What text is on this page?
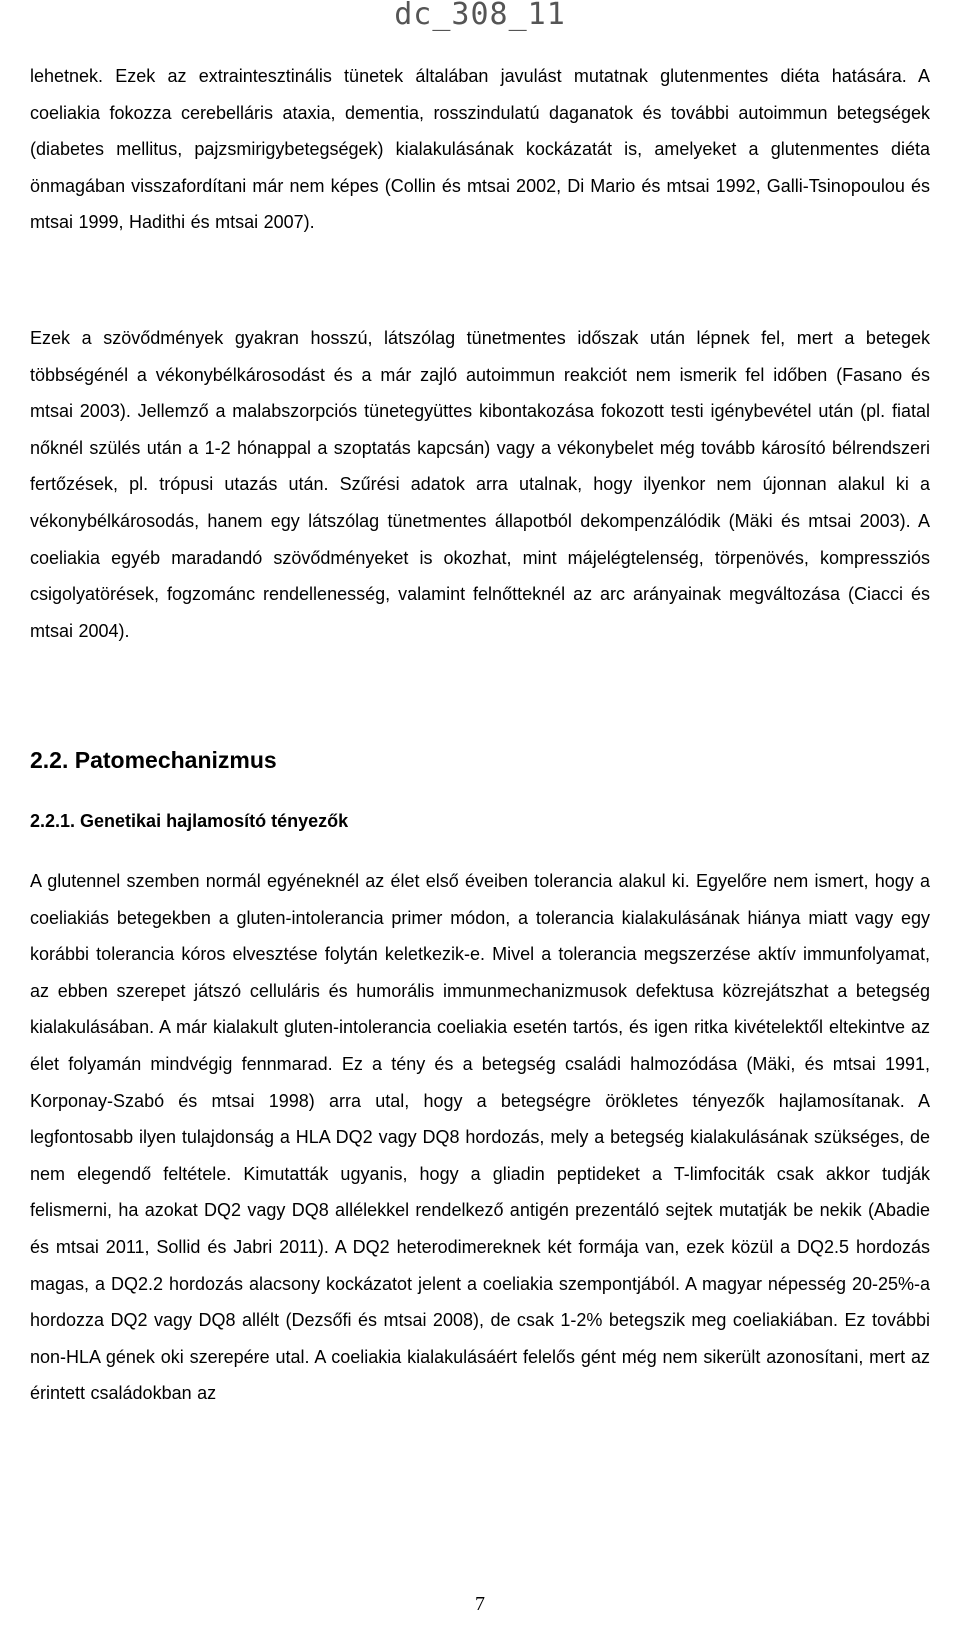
dc_308_11

lehetnek. Ezek az extraintesztinális tünetek általában javulást mutatnak glutenmentes diéta hatására. A coeliakia fokozza cerebelláris ataxia, dementia, rosszindulatú daganatok és további autoimmun betegségek (diabetes mellitus, pajzsmirigybetegségek) kialakulásának kockázatát is, amelyeket a glutenmentes diéta önmagában visszafordítani már nem képes (Collin és mtsai 2002, Di Mario és mtsai 1992, Galli-Tsinopoulou és mtsai 1999, Hadithi és mtsai 2007).

Ezek a szövődmények gyakran hosszú, látszólag tünetmentes időszak után lépnek fel, mert a betegek többségénél a vékonybélkárosodást és a már zajló autoimmun reakciót nem ismerik fel időben (Fasano és mtsai 2003). Jellemző a malabszorpciós tünetegyüttes kibontakozása fokozott testi igénybevétel után (pl. fiatal nőknél szülés után a 1-2 hónappal a szoptatás kapcsán) vagy a vékonybelet még tovább károsító bélrendszeri fertőzések, pl. trópusi utazás után. Szűrési adatok arra utalnak, hogy ilyenkor nem újonnan alakul ki a vékonybélkárosodás, hanem egy látszólag tünetmentes állapotból dekompenzálódik (Mäki és mtsai 2003). A coeliakia egyéb maradandó szövődményeket is okozhat, mint májelégtelenség, törpenövés, kompressziós csigolyatörések, fogzománc rendellenesség, valamint felnőtteknél az arc arányainak megváltozása (Ciacci és mtsai 2004).

2.2. Patomechanizmus
2.2.1. Genetikai hajlamosító tényezők

A glutennel szemben normál egyéneknél az élet első éveiben tolerancia alakul ki. Egyelőre nem ismert, hogy a coeliakiás betegekben a gluten-intolerancia primer módon, a tolerancia kialakulásának hiánya miatt vagy egy korábbi tolerancia kóros elvesztése folytán keletkezik-e. Mivel a tolerancia megszerzése aktív immunfolyamat, az ebben szerepet játszó celluláris és humorális immunmechanizmusok defektusa közrejátszhat a betegség kialakulásában. A már kialakult gluten-intolerancia coeliakia esetén tartós, és igen ritka kivételektől eltekintve az élet folyamán mindvégig fennmarad. Ez a tény és a betegség családi halmozódása (Mäki, és mtsai 1991, Korponay-Szabó és mtsai 1998) arra utal, hogy a betegségre örökletes tényezők hajlamosítanak. A legfontosabb ilyen tulajdonság a HLA DQ2 vagy DQ8 hordozás, mely a betegség kialakulásának szükséges, de nem elegendő feltétele. Kimutatták ugyanis, hogy a gliadin peptideket a T-limfociták csak akkor tudják felismerni, ha azokat DQ2 vagy DQ8 allélekkel rendelkező antigén prezentáló sejtek mutatják be nekik (Abadie és mtsai 2011, Sollid és Jabri 2011). A DQ2 heterodimereknek két formája van, ezek közül a DQ2.5 hordozás magas, a DQ2.2 hordozás alacsony kockázatot jelent a coeliakia szempontjából. A magyar népesség 20-25%-a hordozza DQ2 vagy DQ8 allélt (Dezsőfi és mtsai 2008), de csak 1-2% betegszik meg coeliakiában. Ez további non-HLA gének oki szerepére utal. A coeliakia kialakulásáért felelős gént még nem sikerült azonosítani, mert az érintett családokban az

7
